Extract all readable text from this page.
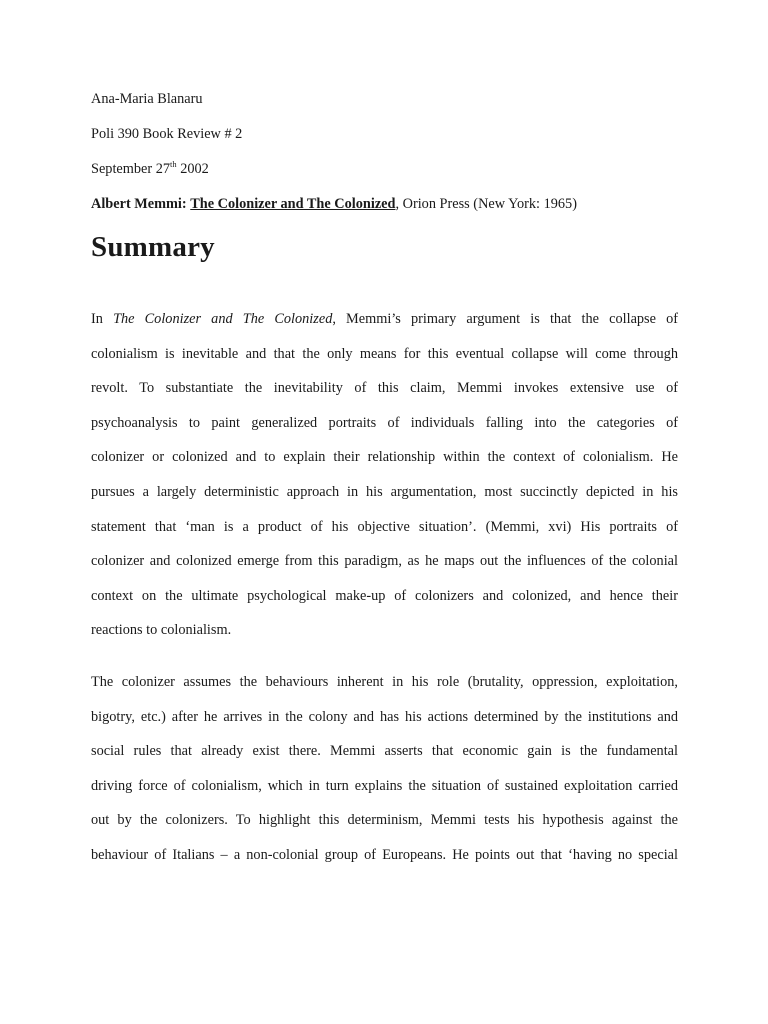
Ana-Maria Blanaru
Poli 390 Book Review # 2
September 27th 2002
Albert Memmi: The Colonizer and The Colonized, Orion Press (New York: 1965)
Summary
In The Colonizer and The Colonized, Memmi’s primary argument is that the collapse of
colonialism is inevitable and that the only means for this eventual collapse will come through
revolt. To substantiate the inevitability of this claim, Memmi invokes extensive use of
psychoanalysis to paint generalized portraits of individuals falling into the categories of
colonizer or colonized and to explain their relationship within the context of colonialism. He
pursues a largely deterministic approach in his argumentation, most succinctly depicted in his
statement that ‘man is a product of his objective situation’. (Memmi, xvi) His portraits of
colonizer and colonized emerge from this paradigm, as he maps out the influences of the colonial
context on the ultimate psychological make-up of colonizers and colonized, and hence their
reactions to colonialism.
The colonizer assumes the behaviours inherent in his role (brutality, oppression, exploitation,
bigotry, etc.) after he arrives in the colony and has his actions determined by the institutions and
social rules that already exist there. Memmi asserts that economic gain is the fundamental
driving force of colonialism, which in turn explains the situation of sustained exploitation carried
out by the colonizers. To highlight this determinism, Memmi tests his hypothesis against the
behaviour of Italians – a non-colonial group of Europeans. He points out that ‘having no special
